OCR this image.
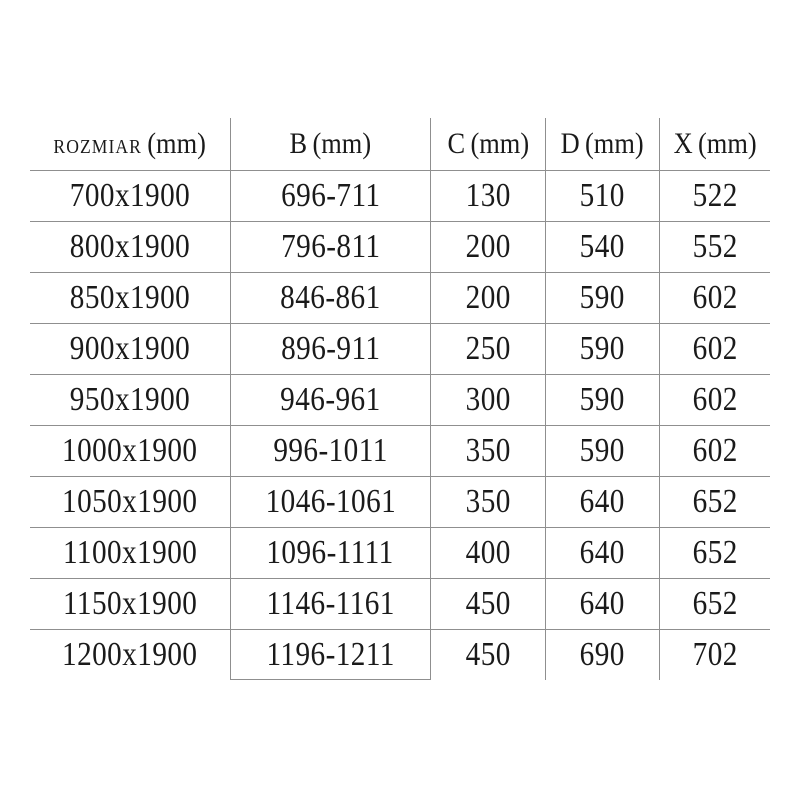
ROZMIAR (mm)	B (mm)	C (mm) D (mm) X (mm)
700x1900	696-711	130 510 522
800x1900	796-811	200 540 552
850x1900	846-861 200 590 602
900x1900	896-911	250 590 602
950x1900	946-961 300 590 602
1000x1900 996-1011 350 590 602
1050x1900 1046-1061 350 640 652
1100x1900 1096-1111 400 640 652
1150x1900 1146-1161 450 640 652
1200x1900 1196-1211 450 690 702
